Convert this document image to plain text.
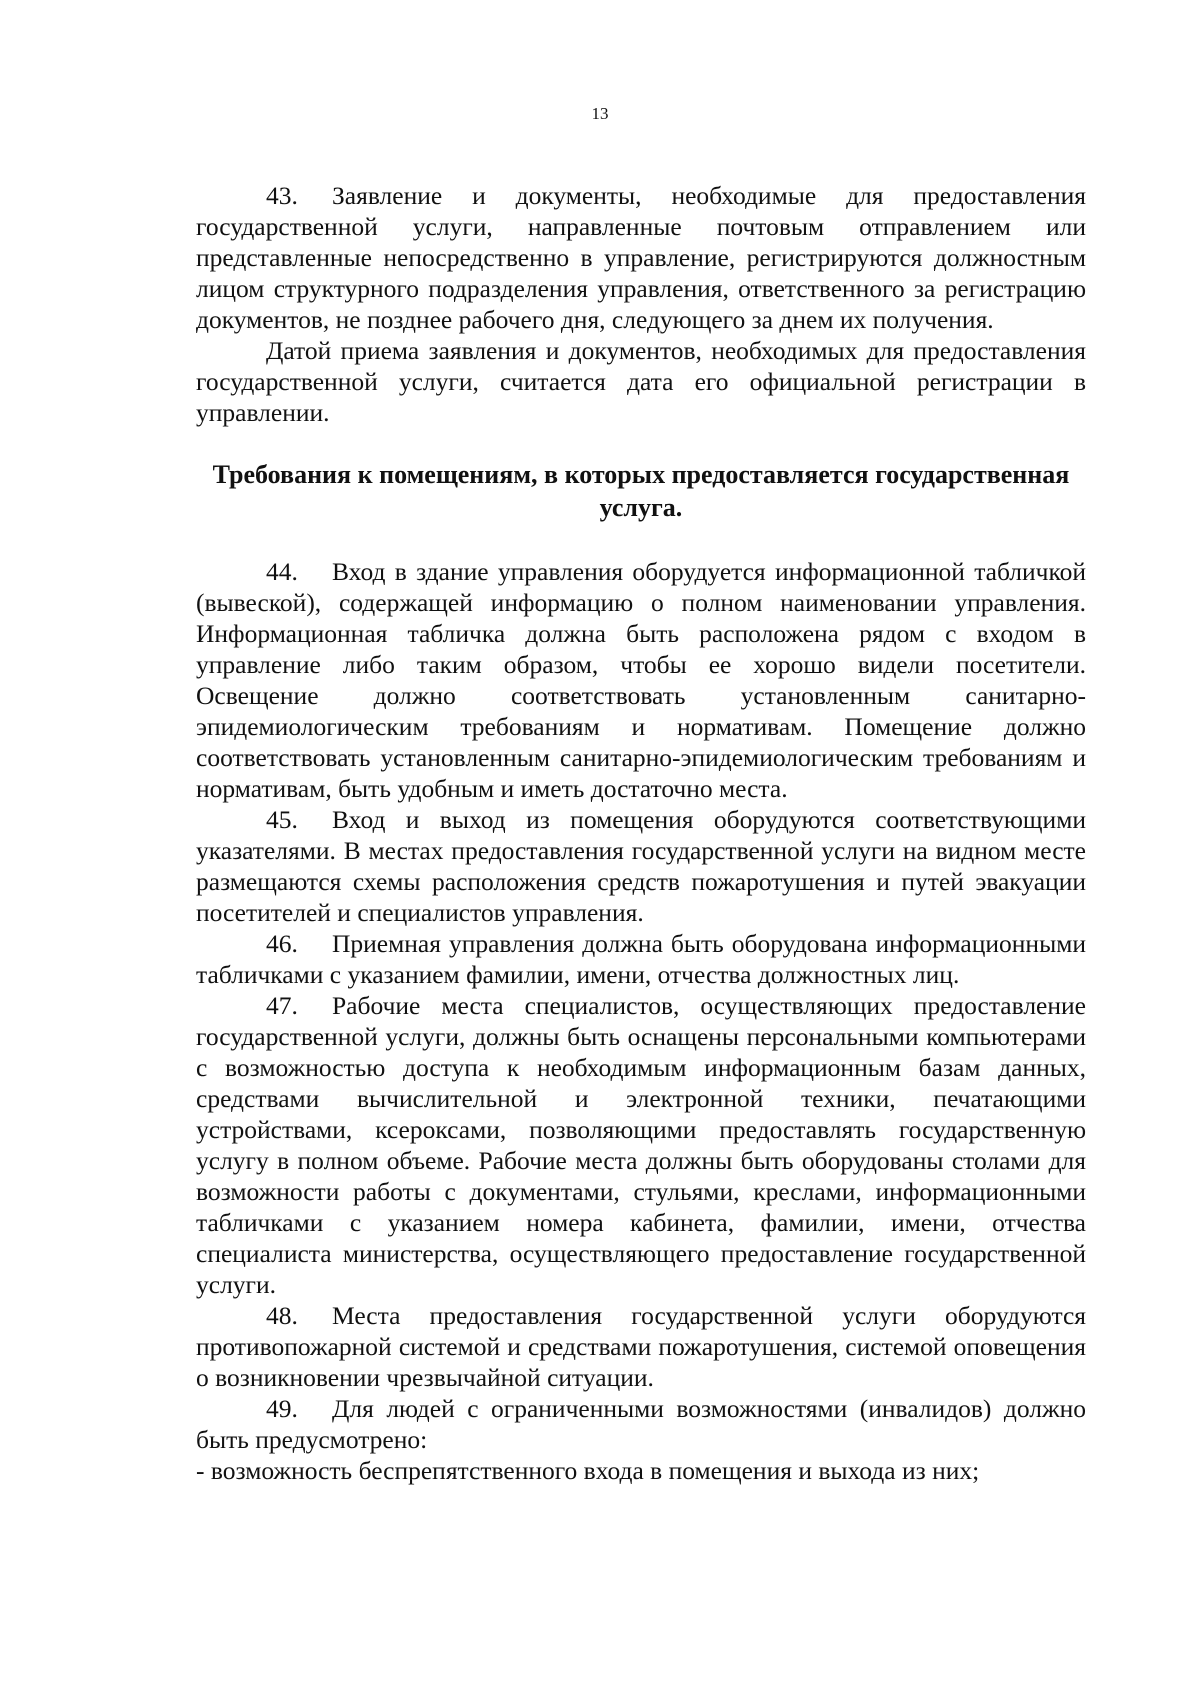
13

43. Заявление и документы, необходимые для предоставления государственной услуги, направленные почтовым отправлением или представленные непосредственно в управление, регистрируются должностным лицом структурного подразделения управления, ответственного за регистрацию документов, не позднее рабочего дня, следующего за днем их получения.

Датой приема заявления и документов, необходимых для предоставления государственной услуги, считается дата его официальной регистрации в управлении.

Требования к помещениям, в которых предоставляется государственная услуга.

44. Вход в здание управления оборудуется информационной табличкой (вывеской), содержащей информацию о полном наименовании управления. Информационная табличка должна быть расположена рядом с входом в управление либо таким образом, чтобы ее хорошо видели посетители. Освещение должно соответствовать установленным санитарно-эпидемиологическим требованиям и нормативам. Помещение должно соответствовать установленным санитарно-эпидемиологическим требованиям и нормативам, быть удобным и иметь достаточно места.

45. Вход и выход из помещения оборудуются соответствующими указателями. В местах предоставления государственной услуги на видном месте размещаются схемы расположения средств пожаротушения и путей эвакуации посетителей и специалистов управления.

46. Приемная управления должна быть оборудована информационными табличками с указанием фамилии, имени, отчества должностных лиц.

47. Рабочие места специалистов, осуществляющих предоставление государственной услуги, должны быть оснащены персональными компьютерами с возможностью доступа к необходимым информационным базам данных, средствами вычислительной и электронной техники, печатающими устройствами, ксероксами, позволяющими предоставлять государственную услугу в полном объеме. Рабочие места должны быть оборудованы столами для возможности работы с документами, стульями, креслами, информационными табличками с указанием номера кабинета, фамилии, имени, отчества специалиста министерства, осуществляющего предоставление государственной услуги.

48. Места предоставления государственной услуги оборудуются противопожарной системой и средствами пожаротушения, системой оповещения о возникновении чрезвычайной ситуации.

49. Для людей с ограниченными возможностями (инвалидов) должно быть предусмотрено:

- возможность беспрепятственного входа в помещения и выхода из них;
